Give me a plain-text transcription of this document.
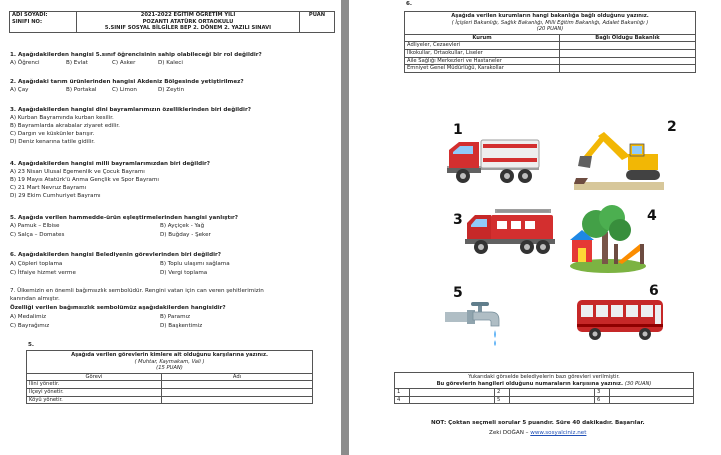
ADI SOYADI:
SINIFI NO:

2021-2022 EĞİTİM ÖĞRETİM YILI
POZANTI ATATÜRK ORTAOKULU
5.SINIF SOSYAL BİLGİLER BEP 2. DÖNEM 2. YAZILI SINAVI

PUAN
1. Aşağıdakilerden hangisi 5.sınıf öğrencisinin sahip olabileceği bir rol değildir?
A) Öğrenci	B) Evlat	C) Asker	D) Kaleci
2. Aşağıdaki tarım ürünlerinden hangisi Akdeniz Bölgesinde yetiştirilmez?
A) Çay	B) Portakal	C) Limon	D) Zeytin
3. Aşağıdakilerden hangisi dini bayramlarımızın özelliklerinden biri değildir?
A) Kurban Bayramında kurban kesilir.
B) Bayramlarda akrabalar ziyaret edilir.
C) Dargın ve küskünler barışır.
D) Deniz kenarına tatile gidilir.
4. Aşağıdakilerden hangisi milli bayramlarımızdan biri değildir?
A) 23 Nisan Ulusal Egemenlik ve Çocuk Bayramı
B) 19 Mayıs Atatürk'ü Anma Gençlik ve Spor Bayramı
C) 21 Mart Nevruz Bayramı
D) 29 Ekim Cumhuriyet Bayramı
5. Aşağıda verilen hammedde-ürün eşleştirmelerinden hangisi yanlıştır?
A) Pamuk – Elbise	B) Ayçiçek - Yağ
C) Salça – Domates	D) Buğday - Şeker
6. Aşağıdakilerden hangisi Belediyenin görevlerinden biri değildir?
A) Çöpleri toplama	B) Toplu ulaşımı sağlama
C) İtfaiye hizmet verme	D) Vergi toplama
7. Ülkemizin en önemli bağımsızlık sembolüdür. Rengini vatan için can veren şehitlerimizin
kanından almıştır.
Özelliği verilen bağımsızlık sembolümüz aşağıdakilerden hangisidir?
A) Medalimiz	B) Paramız
C) Bayrağımız	D) Başkentimiz
5.
Aşağıda verilen görevlerin kimlere ait olduğunu karşılarına yazınız.
( Muhtar, Kaymakam, Vali )
(15 PUAN)	

Görevi	Adı
İlini yönetir.	
İlçeyi yönetir.	
Köyü yönetir.	
6.
Aşağıda verilen kurumların hangi bakanlığa bağlı olduğunu yazınız.
( İçişleri Bakanlığı, Sağlık Bakanlığı, Milli Eğitim Bakanlığı, Adalet Bakanlığı )
(20 PUAN)	

Kurum	Bağlı Olduğu Bakanlık
Adliyeler, Cezaevleri	
İlkokullar, Ortaokullar, Liseler	
Aile Sağlığı Merkezleri ve Hastaneler	
Emniyet Genel Müdürlüğü, Karakollar	
1	2
3	4
5	6
Yukarıdaki görselde belediyelerin bazı görevleri verilmiştir.
Bu görevlerin hangileri olduğunu numaraların karşısına yazınız. (30 PUAN)					

1		2		3	
4		5		6	
NOT: Çoktan seçmeli sorular 5 puandır. Süre 40 dakikadır. Başarılar.
Zeki DOĞAN – www.sosyalciniz.net
